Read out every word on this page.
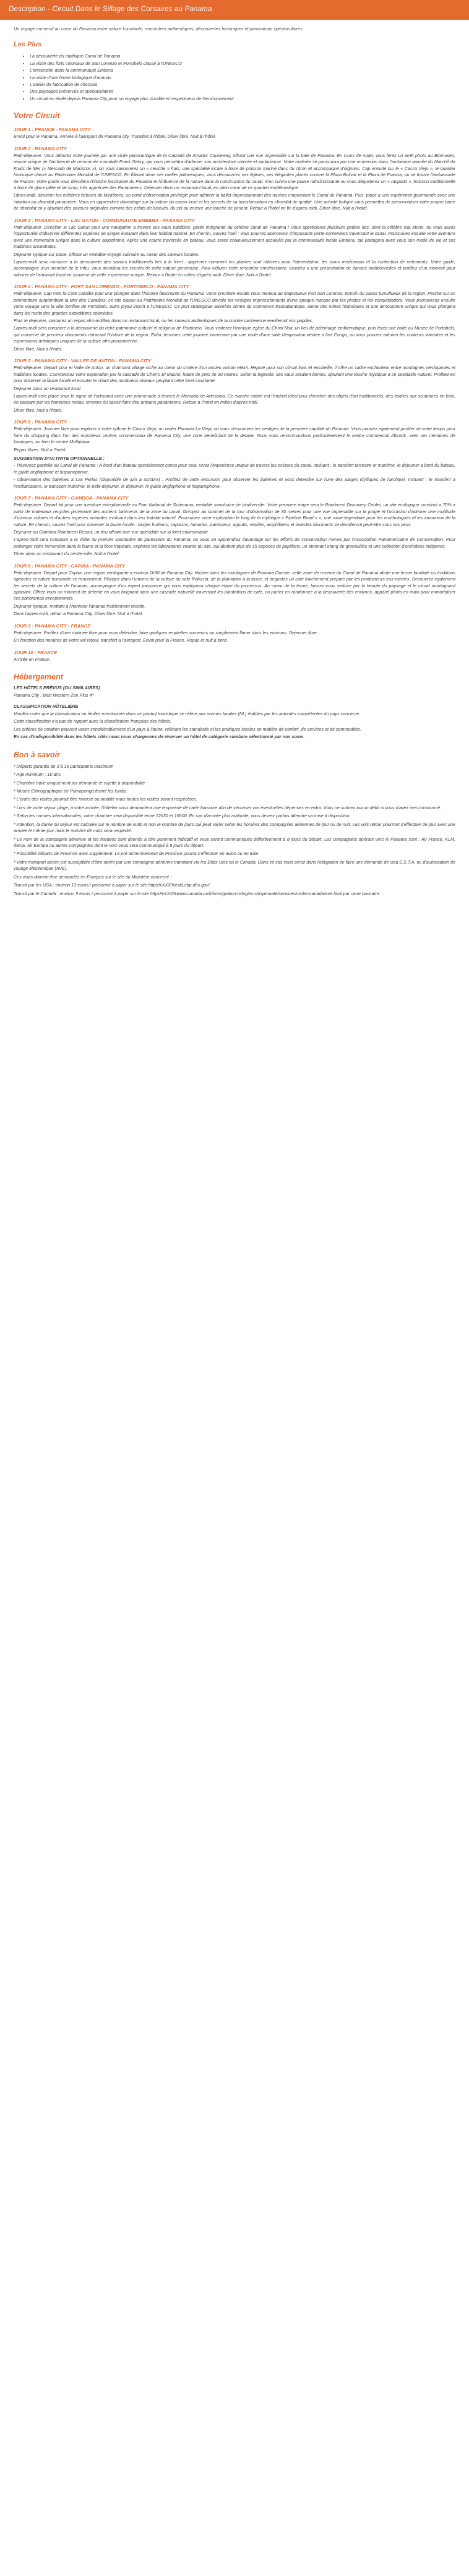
Description - Circuit Dans le Sillage des Corsaires au Panama

Un voyage immersif au cœur du Panama entre nature luxuriante, rencontres authentiques, découvertes historiques et panoramas spectaculaires

Les Plus
• La découverte du mythique Canal de Panama
• La visite des forts coloniaux de San Lorenzo et Portobelo classé à l'UNESCO
• L'immersion dans la communauté Embera
• La visite d'une ferme biologique d'ananas
• L'atelier de fabrication de chocolat
• Des paysages préservés et spectaculaires
• Un circuit en étoile depuis Panama City pour un voyage plus durable et respectueux de l'environnement
Votre Circuit
JOUR 1 : FRANCE - PANAMA CITY

Envol pour le Panama. Arrivée à l'aéroport de Panama city. Transfert à l'hôtel. Dîner libre. Nuit à l'hôtel.

JOUR 2 : PANAMA CITY

Petit-déjeuner. Vous débutez votre journée par une visite panoramique de la Calzada de Amador Causeway, offrant une vue imprenable sur la baie de Panama. En cours de route, vous ferez un arrêt photo au Biomuseo, œuvre unique de l'architecte de renommée mondiale Frank Gehry, qui vous permettra d'admirer son architecture colorée et audacieuse. Votre matinée se poursuivra par une immersion dans l'ambiance animée du Marché de Fruits de Mer (« Mercado de Mariscos »), où vous savourerez un « ceviche » frais, une spécialité locale à base de poisson mariné dans du citron et accompagné d'oignons. Cap ensuite sur le « Casco Viejo », le quartier historique classé au Patrimoine Mondial de l'UNESCO. En flânant dans ses ruelles pittoresques, vous découvrirez ses églises, ses élégantes places comme la Plaza Bolivar et la Plaza de Francia, ou se trouve l'ambassade de France. Votre guide vous dévoilera l'histoire fascinante du Panama et l'influence de la nature dans la construction du canal. S'en suivra une pause rafraîchissante ou vous dégusterez un « raspado », boisson traditionnelle à base de glace pilée et de sirop, très appréciée des Panaméens. Déjeuner dans un restaurant local, en plein cœur de ce quartier emblématique.

Libres-midi, direction les celèbres écluses de Miraflores, un point d'observation privilégié pour admirer la ballet impressionnant des navires empruntant le Canal de Panama. Puis, place a une expérience gourmande avec une initiation au chocolat panaméen. Vous en apprendrez davantage sur la culture du cacao local et les secrets de sa transformation en chocolat de qualité. Une activité ludique vous permettra de personnaliser votre propre barre de chocolat en y ajoutant des saveurs originales comme des eclats de biscuits, du sel ou encore une touche de piment. Retour a l'hotel en fin d'après-midi. Dîner libre. Nuit a l'hotel.

JOUR 3 : PANAMA CITY - LAC GATUN - COMMUNAUTE EMBERA - PANAMA CITY

Petit-déjeuner. Direction le Lac Gatun pour une navigation a travers ses eaux paisibles, partie intégrante du célèbre canal de Panama ! Vous apprécierez plusieurs petites îles, dont la célèbre Isla Mono, ou vous aurez l'opportunité d'observer différentes espèces de singes évoluant dans leur habitat naturel. En chemin, ouvrez l'oeil : vous pourrez apercevoir d'imposants porte-conteneurs traversant le canal. Poursuivez ensuite votre aventure avec une immersion unique dans la culture autochtone. Après une courte traversée en bateau, vous serez chaleureusement accueillis par la communauté locale Embera, qui partagera avec vous son mode de vie et ses traditions ancestrales.

Déjeuner typique sur place, offrant un véritable voyage culinaire au coeur des saveurs locales.

Lapres-midi sera consacre a la decouverte des savoirs traditionnels lies a la foret : apprenez comment les plantes sont utilisees pour l'alimentation, les soins medicinaux et la confection de vetements. Votre guide, accompagne d'un membre de le tribu, vous devoilera les secrets de cette nature genereuse. Pour clôturer cette rencontre enrichissante, assistez a une presentation de danses traditionnelles et profitez d'un moment pour admirer de l'artisanat local en souvenir de cette experience unique. Retour a l'hotel en milieu d'après-midi. Dîner libre. Nuit a l'hotel.

JOUR 4 : PANAMA CITY - FORT SAN LORENZO - PORTOBELO - PANAMA CITY

Petit-déjeuner. Cap vers la Cote Caraibe pour une plongee dans l'histoire fascinante du Panama. Votre premiere escale vous menera au majestueux Fort San Lorenzo, temoin du passe tumultueux de la region. Perche sur un promontoire surplombant la Mer des Caraibes, ce site classe au Patrimoine Mondial de l'UNESCO devoile les vestiges impressionnants d'une epoque marque par les pirates et les conquistadors. Vous poursuivrez ensuite votre voyage vers la ville fortifiee de Portobelo, autre joyau inscrit a l'UNESCO. Ce port strategique autrefois centre du commerce transatlantique, alerte des ruines historiques et une atmosphere unique qui vous plongera dans les recits des grandes expeditions coloniales.

Pour le dejeuner, savourez un repas afro-antillais dans un restaurant local, ou les saveurs authentiques de la cuisine caribeenne eveilleront vos papilles.

Lapres-midi sera consacre a la decouverte du riche patrimoine culturel et religieux de Portobelo. Vous visiterez l'iconique eglise du Christ Noir, un lieu de pelerinage emblematique, puis ferez une halte au Musee de Portobelo, qui conserve de precieux documents retracant l'histoire de la region. Enfin, terminez cette journee immersive par une visite d'une salle d'exposition dediee a l'art Congo, ou vous pourrez admirer les couleurs vibrantes et les expressions artistiques uniques de la culture afro-panameenne.

Dîner libre. Nuit a l'hotel.

JOUR 5 : PANAMA CITY - VALLEE DE ANTON - PANAMA CITY

Petit-déjeuner. Depart pour el Valle de Anton, un charmant village niche au coeur du cratere d'un ancien volcan eteint. Repute pour son climat frais et ensoleille, il offre un cadre enchanteur entre montagnes verdoyantes et traditions locales. Commencez votre exploration par la cascade de Chorro El Macho, haute de pres de 30 metres. Selon la legende, ses eaux seraient benies, ajoutant une touche mystique a ce spectacle naturel. Profitez-en pour observer la faune locale et ecouter le chant des nombreux oiseaux peuplant cette foret luxuriante.

Dejeuner dans un restaurant local.

Lapres-midi sera place sous le signe de l'artisanat avec une promenade a travers le Mercado de Artesania. Ce marche colore est l'endroit ideal pour denicher des objets d'art traditionnels, des textiles aux sculptures en bois, en passant par les fameuses molas, temoins du savoir-faire des artisans panameens. Retour a l'hotel en milieu d'apres-midi.

Dîner libre. Nuit a l'hotel.

JOUR 6 : PANAMA CITY

Petit-déjeuner. Journee libre pour explorer a votre rythme le Casco Viejo, ou visiter Panama La Vieja, ou vous decouvrirez les vestiges de la premiere capitale du Panama. Vous pourrez egalement profiter de votre temps pour faire du shopping dans l'un des nombreux centres commerciaux de Panama City, une zone beneficiant de la detaxe. Nous vous recommandons particulierement le centre commercial Albrook, avec ses centaines de boutiques, ou bien le centre Multiplaza.

Repas libres. Nuit a l'hotel.

SUGGESTION D'ACTIVITE OPTIONNELLE :

- Traversez partielle du Canal de Panama : A bord d'un bateau specialement concu pour cela, vivez l'experience unique de travers les ecluses du canal. Incluant : le transfert terrestre et maritime, le dejeuner a bord du bateau, le guide anglophone et hispanophone.

- Observation des baleines a Las Perlas (disponible de juin a octobre) : Profitez de cette excursion pour observer les baleines et vous detendre sur l'une des plages idylliques de l'archipel. Incluant : le transfert a l'embarcadere, le transport maritime, le petit-dejeuner, le dejeuner, le guide anglophone et hispanophone.

JOUR 7 : PANAMA CITY - GAMBOA - PANAMA CITY

Petit-dejeuner. Depart tot pour une aventure exceptionnelle au Parc National de Soberania, veritable sanctuaire de biodiversite. Votre premiere etape sera le Rainforest Discovery Center, un site ecologique construit a 70% a partir de materiaux recycles provenant des anciens batiments de la zone du canal. Grimpez au sommet de la tour d'observation de 30 metres pour une vue imprenable sur la jungle et l'occasion d'admirer une multitude d'oiseaux colores et d'autres especes animales evoluant dans leur habitat naturel. Poursuivez votre exploration le long de la mythique « Pipeline Road » », une route legendaire pour les ornithologues et les amoureux de la nature. En chemin, ouvrez l'oeil pour observer la faune locale : singes hurleurs, capucins, tamarins, paresseux, agoutis, reptiles, amphibiens et insectes fascinants se devoileront peut-etre sous vos yeux.

Dejeuner au Gamboa Rainforest Resort, un lieu offrant une vue splendide sur la foret environnante.

L'apres-midi sera consacre a la visite du premier sanctuaire de paresseux du Panama, ou vous en apprendrez davantage sur les efforts de conservation menes par l'Association Panamericaine de Conservation. Pour prolonger votre immersion dans la faune et la flore tropicale, explorez les laboratoires vivants du site, qui abritent plus de 15 especes de papillons, un etonnant etang de grenouilles et une collection d'orchidees indigenes.

Dîner dans un restaurant du centre-ville. Nuit a l'hotel.

JOUR 8 : PANAMA CITY - CAPIRA - PANAMA CITY

Petit-dejeuner. Depart pour Capira, une region verdoyante a environ 1h30 de Panama City. Nichee dans les montagnes de Panama Oueste, cette zone de reserve du Canal de Panama abrite une ferme familiale ou traditions agricoles et nature luxuriante se rencontrent. Plongez dans l'univers de la culture du cafe Robusta, de la plantation a la tasse, et degustez un cafe fraichement prepare par les producteurs eux-memes. Decouvrez egalement les secrets de la culture de l'ananas, accompagne d'un expert passionne qui vous expliquera chaque etape du processus. Au coeur de la ferme, laissez-vous seduire par la beaute du paysage et le climat montagnard apaisant. Offrez-vous un moment de detente en vous baignant dans une cascade naturelle traversant les plantations de cafe, ou partez en randonnee a la decouverte des environs, apparel photo en main pour immortaliser ces panoramas exceptionnels.

Dejeuner typique, mettant a l'honneur l'ananas fraichement recolte.

Dans l'apres-midi, retour a Panama City. Dîner libre. Nuit a l'hotel.

JOUR 9 : PANAMA CITY - FRANCE

Petit-dejeuner. Profitez d'une matinee libre pour vous detendre, faire quelques emplettes souvenirs ou simplement flaner dans les environs. Dejeuner libre.

En fonction des horaires de votre vol retour, transfert a l'aeroport. Envol pour la France. Repas et nuit a bord.

JOUR 10 : FRANCE

Arrivée en France.

Hébergement

LES HÔTELS PRÉVUS (OU SIMILAIRES)

Panama City : Best Western Zen Plus 4*

CLASSIFICATION HÔTELIÈRE

Veuillez noter que la classification en étoiles mentionnée dans ce produit touristique se réfère aux normes locales (NL) établies par les autorités compétentes du pays concerné.

Cette classification n'a pas de rapport avec la classification française des hôtels.

Les critères de notation peuvent varier considérablement d'un pays à l'autre, reflétant les standards et les pratiques locales en matière de confort, de services et de commodités.

En cas d'indisponibilité dans les hôtels cités nous nous chargerons de réserver un hôtel de catégorie similaire sélectionné par nos soins.

Bon à savoir

* Départs garantis de 3 à 16 participants maximum

* Age minimum : 10 ans

* Chambre triple uniquement sur demande et sujette à disponibilité

* Musée Ethnographique de Pumapongo fermé les lundis.

* L'ordre des visites pourrait être inversé ou modifié mais toutes les visites seront respectées.

* Lors de votre séjour plage, à votre arrivée, l'hôtelier vous demandera une empreinte de carte bancaire afin de sécuriser vos éventuelles dépenses en extra. Vous ne subirez aucun débit si vous n'avez rien consommé.

* Selon les normes internationales, votre chambre sera disponible entre 12h30 et 15h00. En cas d'arrivée plus matinale, vous devrez parfois attendre sa mise à disposition.

* Attention, la durée du séjour est calculée sur le nombre de nuits et non le nombre de jours qui peut varier selon les horaires des compagnies aériennes de jour ou de nuit. Les vols retour pourront s'effectuer de jour avec une arrivée le même jour mais le nombre de nuits sera respecté.

* Le nom de la compagnie aérienne et les horaires sont donnés à titre purement indicatif et vous seront communiqués définitivement à 8 jours du départ. Les compagnies opérant vers le Panama sont : Air France, KLM, Iberia, Air Europa ou autres compagnies dont le nom vous sera communiqué à 8 jours du départ.

* Possibilité départs de Province avec supplément. Le pré acheminement de Province pourra s'effectuer en avion ou en train

* Votre transport aérien est susceptible d'être opéré par une compagnie aérienne transitant via les Etats Unis ou le Canada. Dans ce cas vous serez dans l'obligation de faire une demande de visa E.S.T.A. ou d'autorisation de voyage électronique (AVE).

Ces visas doivent être demandés en Français sur le site du Ministère concerné :

Transit par les USA : environ 13 euros / personne à payer sur le site https%XXX%esta.cbp.dhs.gov/

Transit par le Canada : environ 5 euros / personne à payer sur le site https%XXX%www.canada.ca/fr/immigration-refugies-citoyennete/services/visiter-canada/ave.html par carte bancaire.
